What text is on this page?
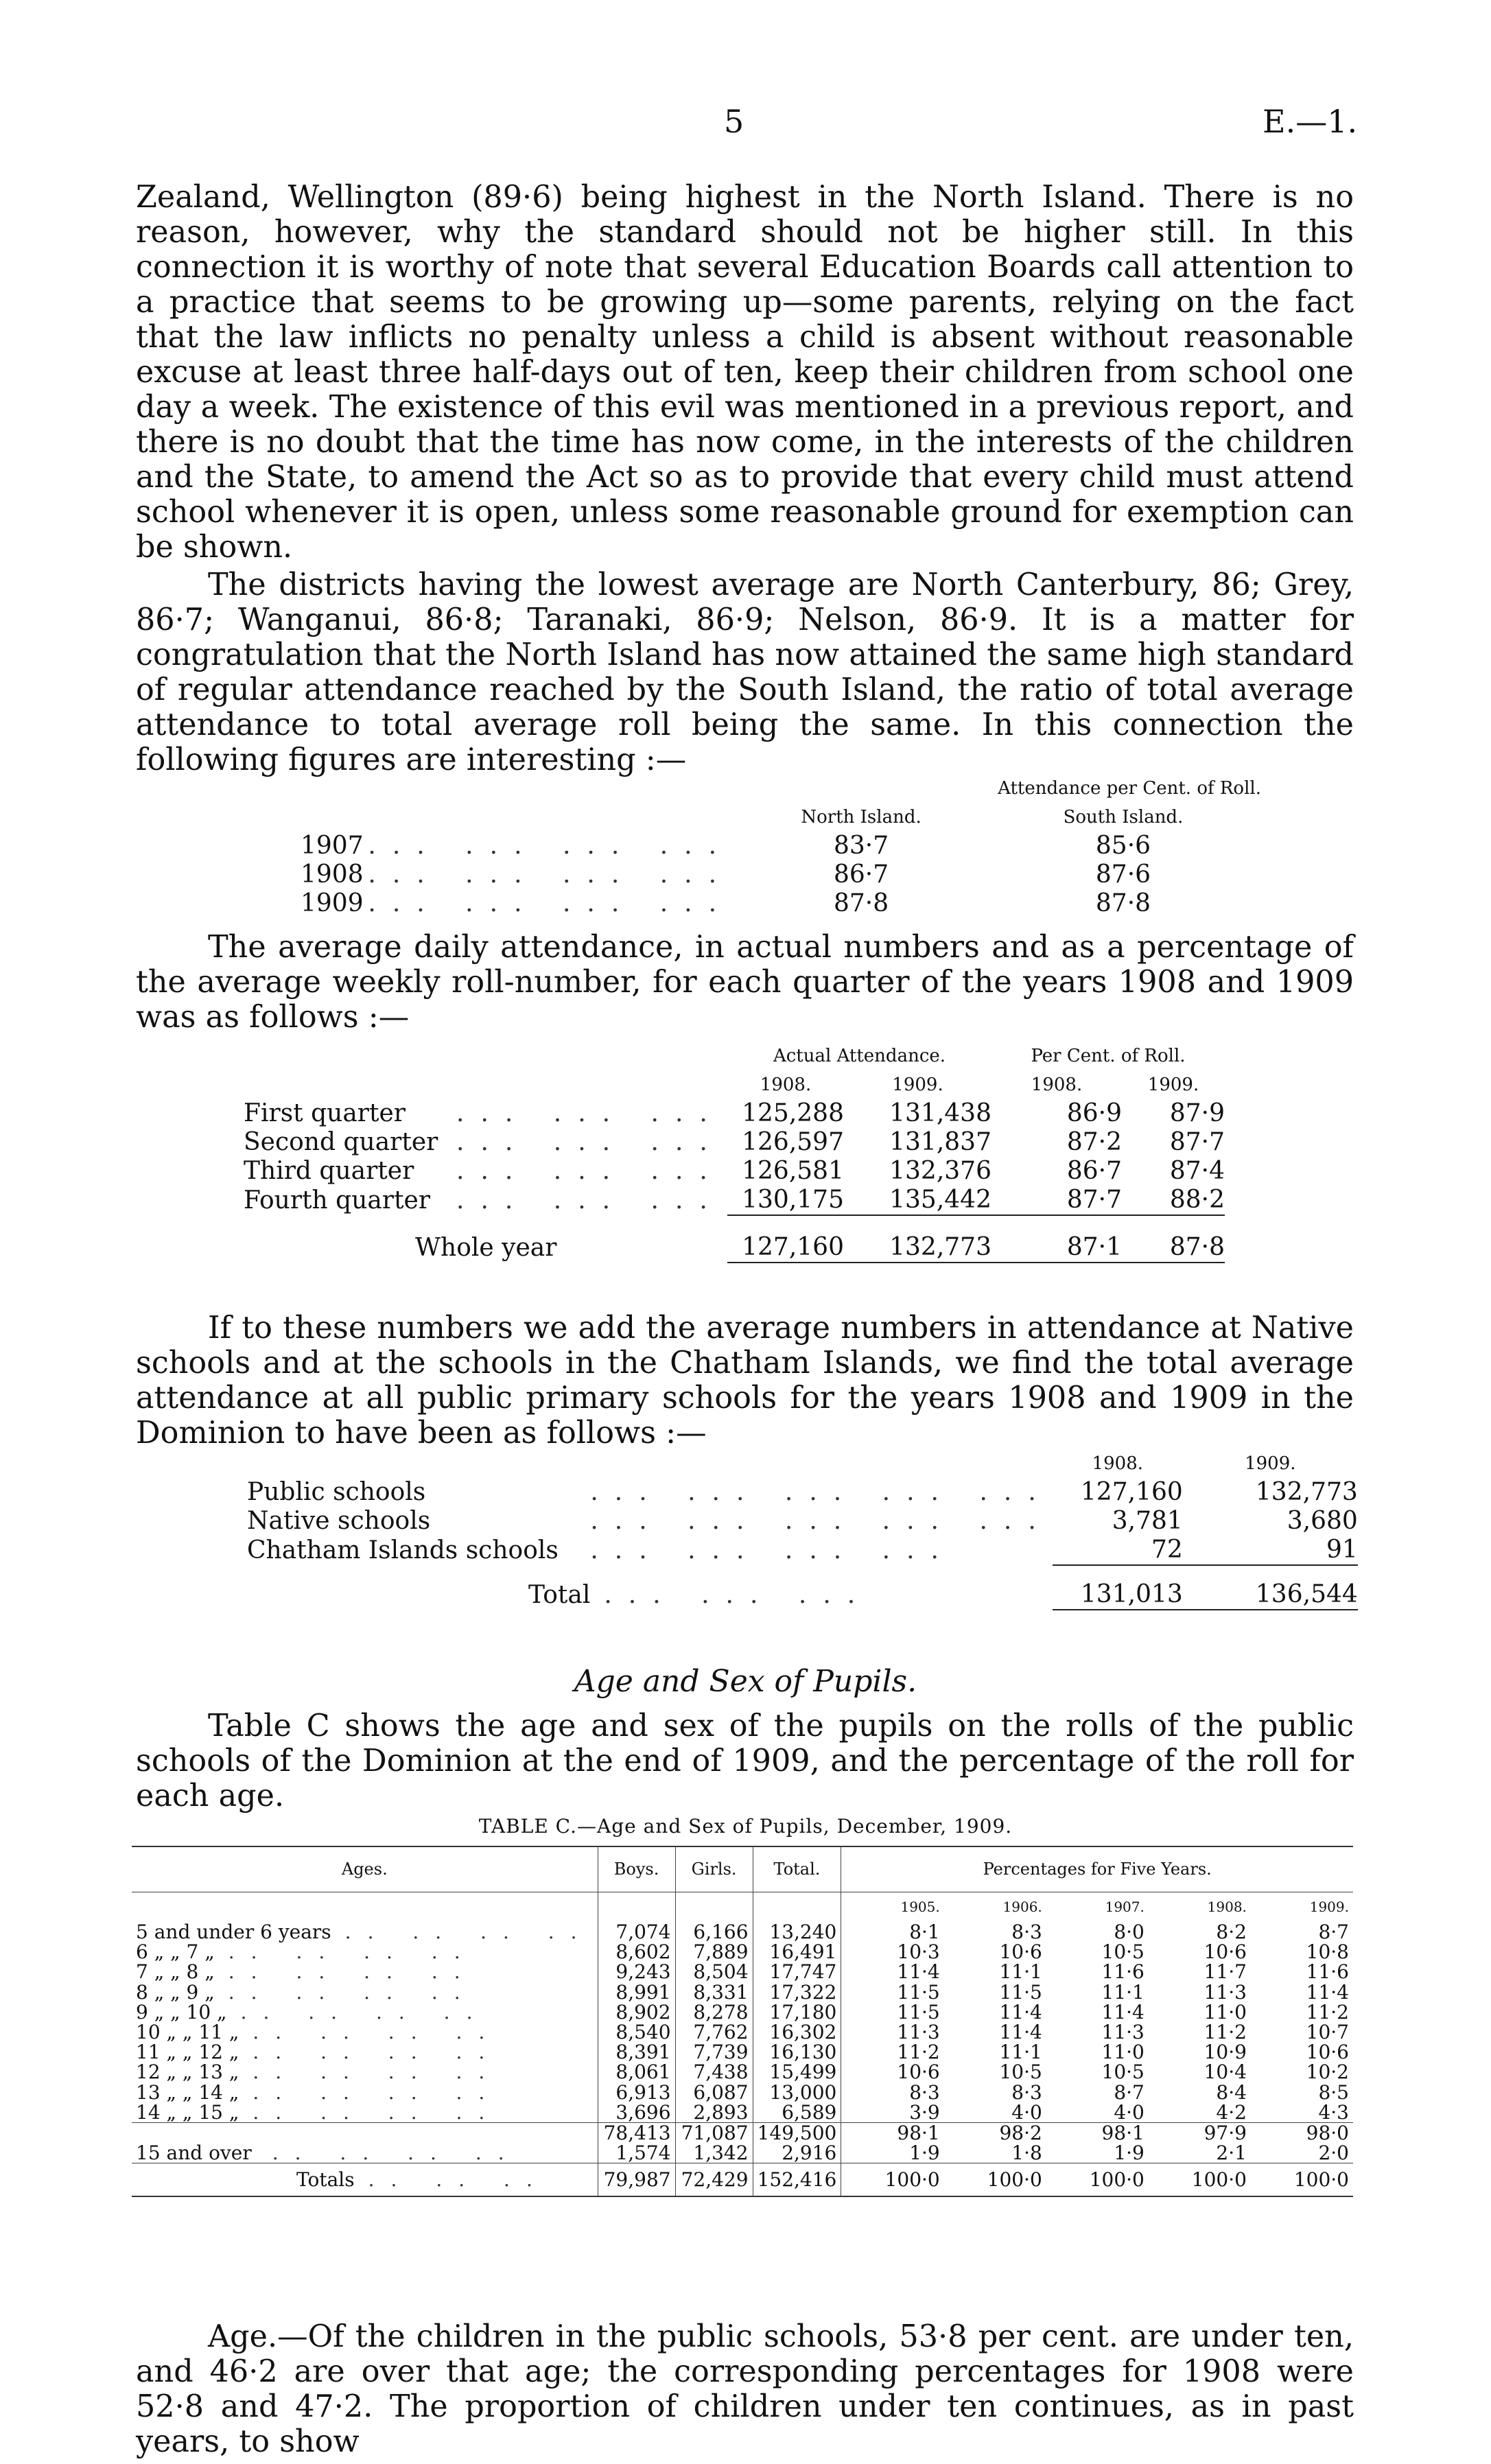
5	E.—1.

Zealand, Wellington (89·6) being highest in the North Island. There is no reason, however, why the standard should not be higher still. In this connection it is worthy of note that several Education Boards call attention to a practice that seems to be growing up—some parents, relying on the fact that the law inflicts no penalty unless a child is absent without reasonable excuse at least three half-days out of ten, keep their children from school one day a week. The existence of this evil was mentioned in a previous report, and there is no doubt that the time has now come, in the interests of the children and the State, to amend the Act so as to provide that every child must attend school whenever it is open, unless some reasonable ground for exemption can be shown.

The districts having the lowest average are North Canterbury, 86; Grey, 86·7; Wanganui, 86·8; Taranaki, 86·9; Nelson, 86·9. It is a matter for congratulation that the North Island has now attained the same high standard of regular attendance reached by the South Island, the ratio of total average attendance to total average roll being the same. In this connection the following figures are interesting :—

		Attendance per Cent. of Roll.	
		North Island.	South Island.
1907	... ... ... ...	83·7	85·6
1908	... ... ... ...	86·7	87·6
1909	... ... ... ...	87·8	87·8

The average daily attendance, in actual numbers and as a percentage of the average weekly roll-number, for each quarter of the years 1908 and 1909 was as follows :—

		Actual Attendance.		Per Cent. of Roll.	
		1908.	1909.	1908.	1909.
First quarter	... ... ...	125,288	131,438	86·9	87·9
Second quarter	... ... ...	126,597	131,837	87·2	87·7
Third quarter	... ... ...	126,581	132,376	86·7	87·4
Fourth quarter	... ... ...	130,175	135,442	87·7	88·2

Whole year		127,160	132,773	87·1	87·8

If to these numbers we add the average numbers in attendance at Native schools and at the schools in the Chatham Islands, we find the total average attendance at all public primary schools for the years 1908 and 1909 in the Dominion to have been as follows :—

		1908.	1909.
Public schools	... ... ... ... ...	127,160	132,773
Native schools	... ... ... ... ...	3,781	3,680
Chatham Islands schools	... ... ... ...	72	91

Total	... ... ...	131,013	136,544
Age and Sex of Pupils.

Table C shows the age and sex of the pupils on the rolls of the public schools of the Dominion at the end of 1909, and the percentage of the roll for each age.

TABLE C.—Age and Sex of Pupils, December, 1909.
Ages.	Boys.	Girls.	Total.	Percentages for Five Years.				
				1905.	1906.	1907.	1908.	1909.
5 and under 6 years .. .. .. ..	7,074	6,166	13,240	8·1	8·3	8·0	8·2	8·7
6 „ „ 7 „ .. .. .. ..	8,602	7,889	16,491	10·3	10·6	10·5	10·6	10·8
7 „ „ 8 „ .. .. .. ..	9,243	8,504	17,747	11·4	11·1	11·6	11·7	11·6
8 „ „ 9 „ .. .. .. ..	8,991	8,331	17,322	11·5	11·5	11·1	11·3	11·4
9 „ „ 10 „ .. .. .. ..	8,902	8,278	17,180	11·5	11·4	11·4	11·0	11·2
10 „ „ 11 „ .. .. .. ..	8,540	7,762	16,302	11·3	11·4	11·3	11·2	10·7
11 „ „ 12 „ .. .. .. ..	8,391	7,739	16,130	11·2	11·1	11·0	10·9	10·6
12 „ „ 13 „ .. .. .. ..	8,061	7,438	15,499	10·6	10·5	10·5	10·4	10·2
13 „ „ 14 „ .. .. .. ..	6,913	6,087	13,000	8·3	8·3	8·7	8·4	8·5
14 „ „ 15 „ .. .. .. ..	3,696	2,893	6,589	3·9	4·0	4·0	4·2	4·3
	78,413	71,087	149,500	98·1	98·2	98·1	97·9	98·0
15 and over .. .. .. ..	1,574	1,342	2,916	1·9	1·8	1·9	2·1	2·0
Totals .. .. ..	79,987	72,429	152,416	100·0	100·0	100·0	100·0	100·0

Age.—Of the children in the public schools, 53·8 per cent. are under ten, and 46·2 are over that age; the corresponding percentages for 1908 were 52·8 and 47·2. The proportion of children under ten continues, as in past years, to show
